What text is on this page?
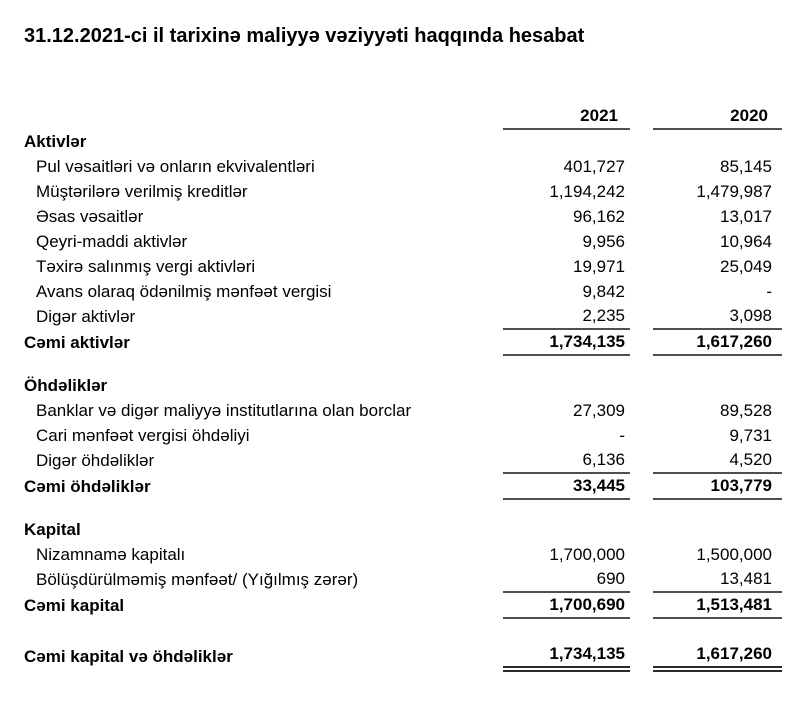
31.12.2021-ci il tarixinə maliyyə vəziyyəti haqqında hesabat
	2021		2020
Aktivlər			
Pul vəsaitləri və onların ekvivalentləri	401,727		85,145
Müştərilərə verilmiş kreditlər	1,194,242		1,479,987
Əsas vəsaitlər	96,162		13,017
Qeyri-maddi aktivlər	9,956		10,964
Təxirə salınmış vergi aktivləri	19,971		25,049
Avans olaraq ödənilmiş mənfəət vergisi	9,842		-
Digər aktivlər	2,235		3,098
Cəmi aktivlər	1,734,135		1,617,260

Öhdəliklər			
Banklar və digər maliyyə institutlarına olan borclar	27,309		89,528
Cari mənfəət vergisi öhdəliyi	-		9,731
Digər öhdəliklər	6,136		4,520
Cəmi öhdəliklər	33,445		103,779

Kapital			
Nizamnamə kapitalı	1,700,000		1,500,000
Bölüşdürülməmiş mənfəət/ (Yığılmış zərər)	690		13,481
Cəmi kapital	1,700,690		1,513,481

Cəmi kapital və öhdəliklər	1,734,135		1,617,260
